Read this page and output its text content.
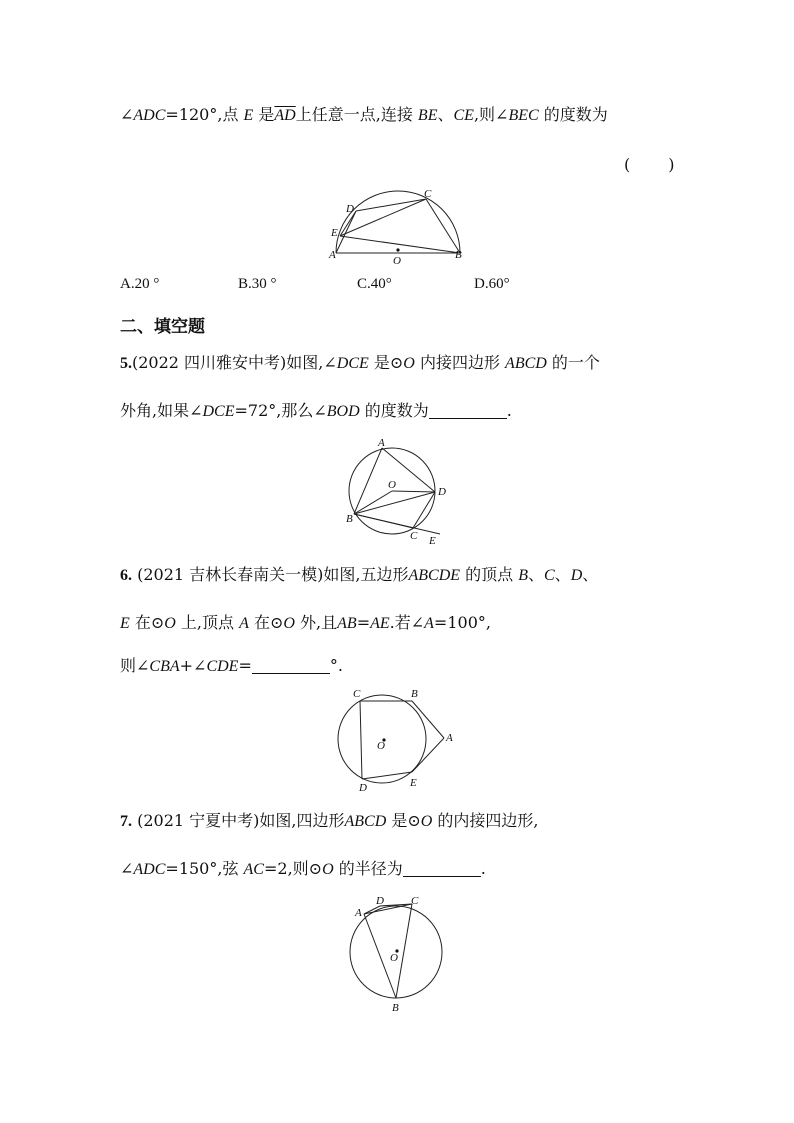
∠ADC=120°,点 E 是$\overline{AD}$上任意一点,连接 BE、CE,则∠BEC 的度数为
(　　)
A	B
C
D
E
O
A.20 °	B.30 °	C.40°	D.60°
二、填空题
5.(2022 四川雅安中考)如图,∠DCE 是⊙O 内接四边形 ABCD 的一个
外角,如果∠DCE=72°,那么∠BOD 的度数为	.
A
B
C
D
E
O
6. (2021 吉林长春南关一模)如图,五边形ABCDE 的顶点 B、C、D、
E 在⊙O 上,顶点 A 在⊙O 外,且AB=AE.若∠A=100°,
则∠CBA+∠CDE=	°.
A
B
C
D	E
O
7. (2021 宁夏中考)如图,四边形ABCD 是⊙O 的内接四边形,
∠ADC=150°,弦 AC=2,则⊙O 的半径为	.
A
B
C
D
O
